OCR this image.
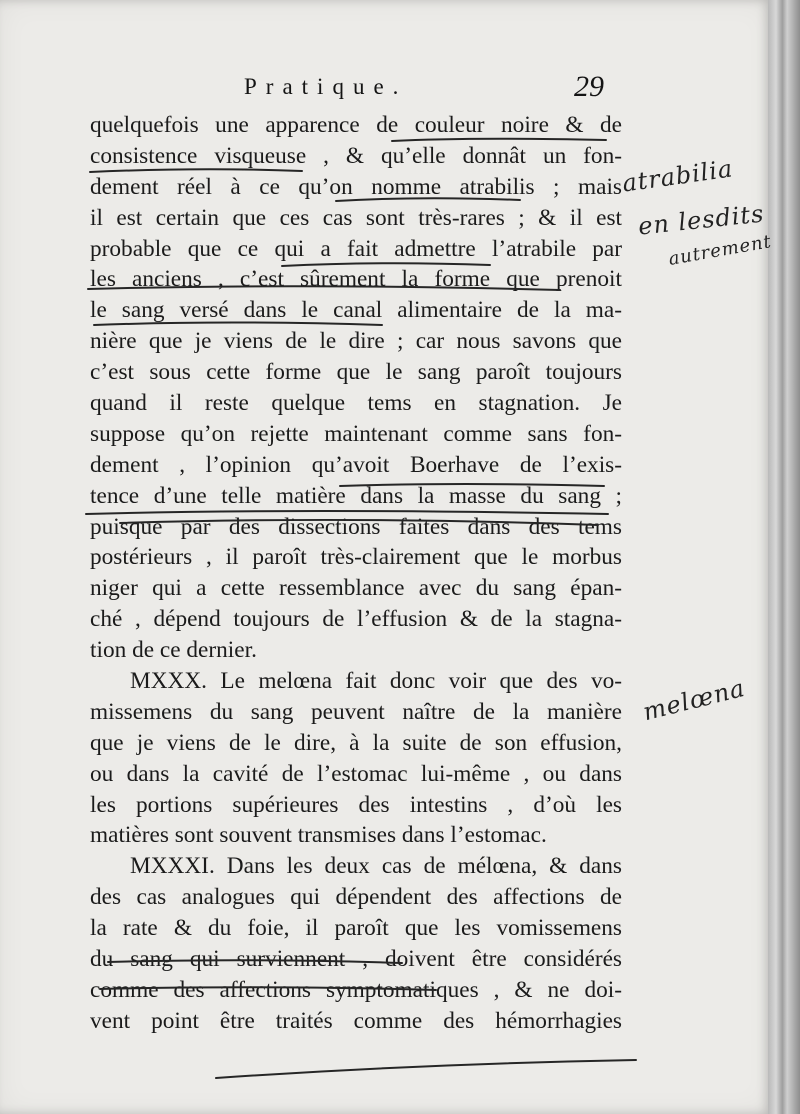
Pratique.	29
quelquefois une apparence de couleur noire & de
consistence visqueuse , & qu’elle donnât un fon-
dement réel à ce qu’on nomme atrabilis ; mais
il est certain que ces cas sont très-rares ; & il est
probable que ce qui a fait admettre l’atrabile par
les anciens , c’est sûrement la forme que prenoit
le sang versé dans le canal alimentaire de la ma-
nière que je viens de le dire ; car nous savons que
c’est sous cette forme que le sang paroît toujours
quand il reste quelque tems en stagnation. Je
suppose qu’on rejette maintenant comme sans fon-
dement , l’opinion qu’avoit Boerhave de l’exis-
tence d’une telle matière dans la masse du sang ;
puisque par des dissections faites dans des tems
postérieurs , il paroît très-clairement que le morbus
niger qui a cette ressemblance avec du sang épan-
ché , dépend toujours de l’effusion & de la stagna-
tion de ce dernier.
MXXX. Le melœna fait donc voir que des vo-
missemens du sang peuvent naître de la manière
que je viens de le dire, à la suite de son effusion,
ou dans la cavité de l’estomac lui-même , ou dans
les portions supérieures des intestins , d’où les
matières sont souvent transmises dans l’estomac.
MXXXI. Dans les deux cas de mélœna, & dans
des cas analogues qui dépendent des affections de
la rate & du foie, il paroît que les vomissemens
du sang qui surviennent , doivent être considérés
comme des affections symptomatiques , & ne doi-
vent point être traités comme des hémorrhagies
atrabilia
en lesdits
autrement
melœna
